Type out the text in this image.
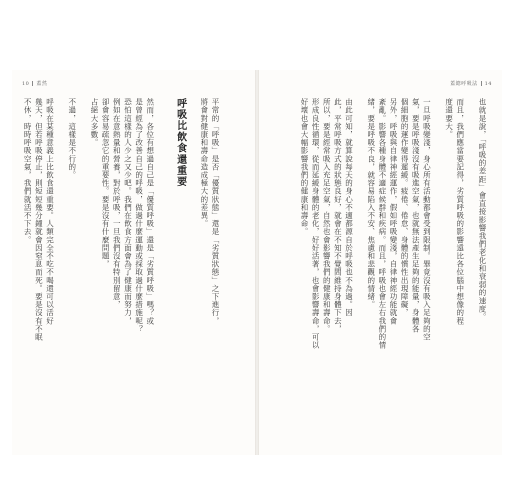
蓋總呼吸法 14
也就是說，「呼吸的差距」會直接影響我們老化和衰弱的速度。
而且，我們應當要記得，劣質呼吸的影響遠比各位腦中想像的程
度還要大。
一旦呼吸變淺，身心所有活動都會受到限制。畢竟沒有吸入足夠的空
氣，要是呼吸淺沒有吸進空氣，也就無法產生足夠的能量，身體各
個細胞的運作變得遲緩。疲倦、倦怠、身體的慣性出現障礙，
另外，呼吸與自律神經運作，假如呼吸變淺，自律神經功能就會
紊亂。影響各種身體不適症候群和疾病。而且，呼吸也會左右我們的情
緒，要是呼吸不良，就容易陷入不安、焦慮和悲觀的情緒。
由此可知，就算說每天的身心不適都源自於呼吸也不為過。因
此，平常呼吸方式的狀態良好，就會在不知不覺間維持身體下去，
所以，要是經常吸入充足空氣，自然也會影響我們的健康和壽命。
形成良性循環，從而延緩身體的老化，好好活著，也會影響壽命，可以
好壞也會大幅影響我們的健康和壽命。
10 蓋然
平常的「呼吸」是否「優質狀態」還是「劣質狀態」之下進行，
將會對健康和壽命造成極大的差異。
呼吸比飲食還重要
然而，各位有想過自己是「優質呼吸」還是「劣質呼吸」嗎？或
是曾經為了改善自己的呼吸，做過什麼運動或採取過什麼措施呢？
恐怕這樣的人少之又少吧。我們在飲食方面會為了健康而努力，
例如在意熱量和營養，對於呼吸，一旦我們沒有特別留意，
卻會容易疏忽它的重要性。要是沒有什麼問題，
占絕大多數。
不過，這樣是不行的。
呼吸在某種意義上比飲食還重要。人類完全不吃不喝還可以活好
幾天，但若呼吸停止，則短短幾分鐘就會因窒息而死。要是沒有不眠
不休，時時呼吸空氣，我們就活不下去。
